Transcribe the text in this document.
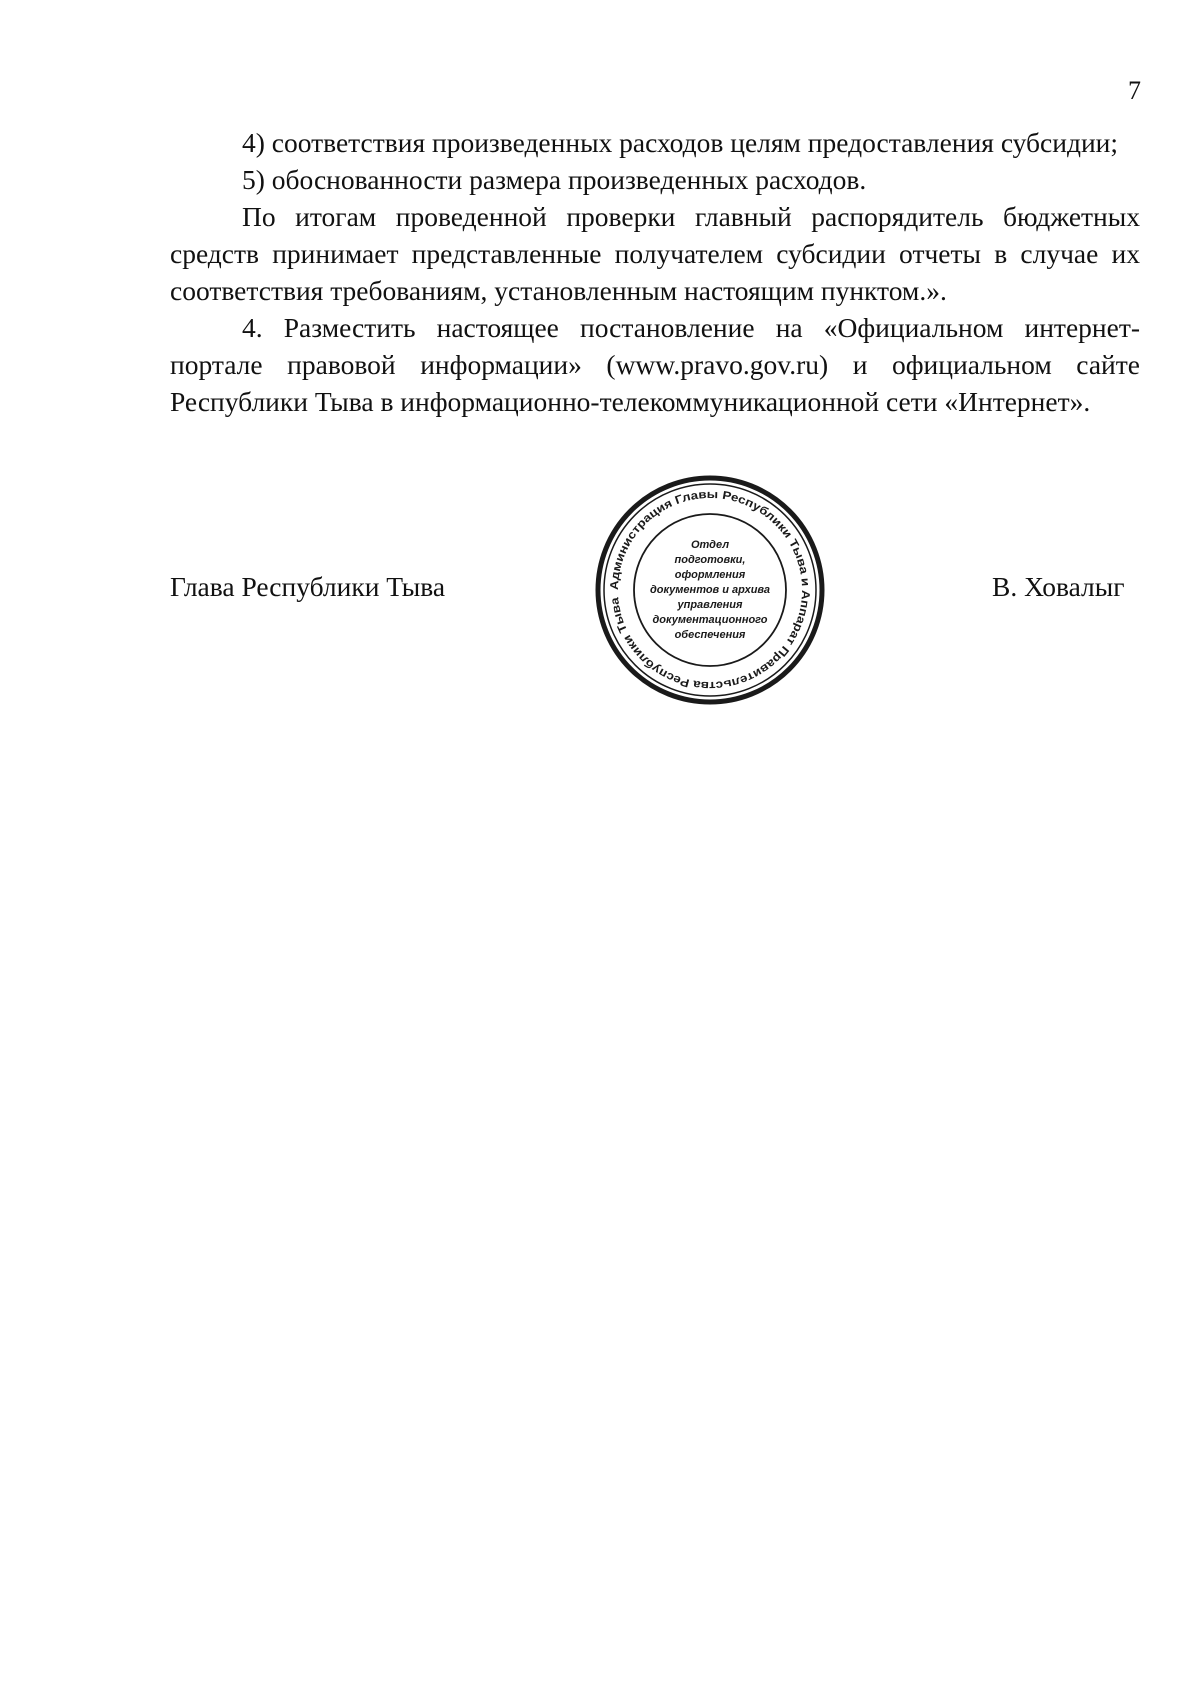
7

4) соответствия произведенных расходов целям предоставления субсидии;

5) обоснованности размера произведенных расходов.

По итогам проведенной проверки главный распорядитель бюджетных средств принимает представленные получателем субсидии отчеты в случае их соответствия требованиям, установленным настоящим пунктом.».

4. Разместить настоящее постановление на «Официальном интернет-портале правовой информации» (www.pravo.gov.ru) и официальном сайте Республики Тыва в информационно-телекоммуникационной сети «Интернет».

Глава Республики Тыва	Администрация Главы Республики Тыва и Аппарат Правительства Республики Тыва
Отдел
подготовки,
оформления
документов и архива
управления
документационного
обеспечения
В. Ховалыг
